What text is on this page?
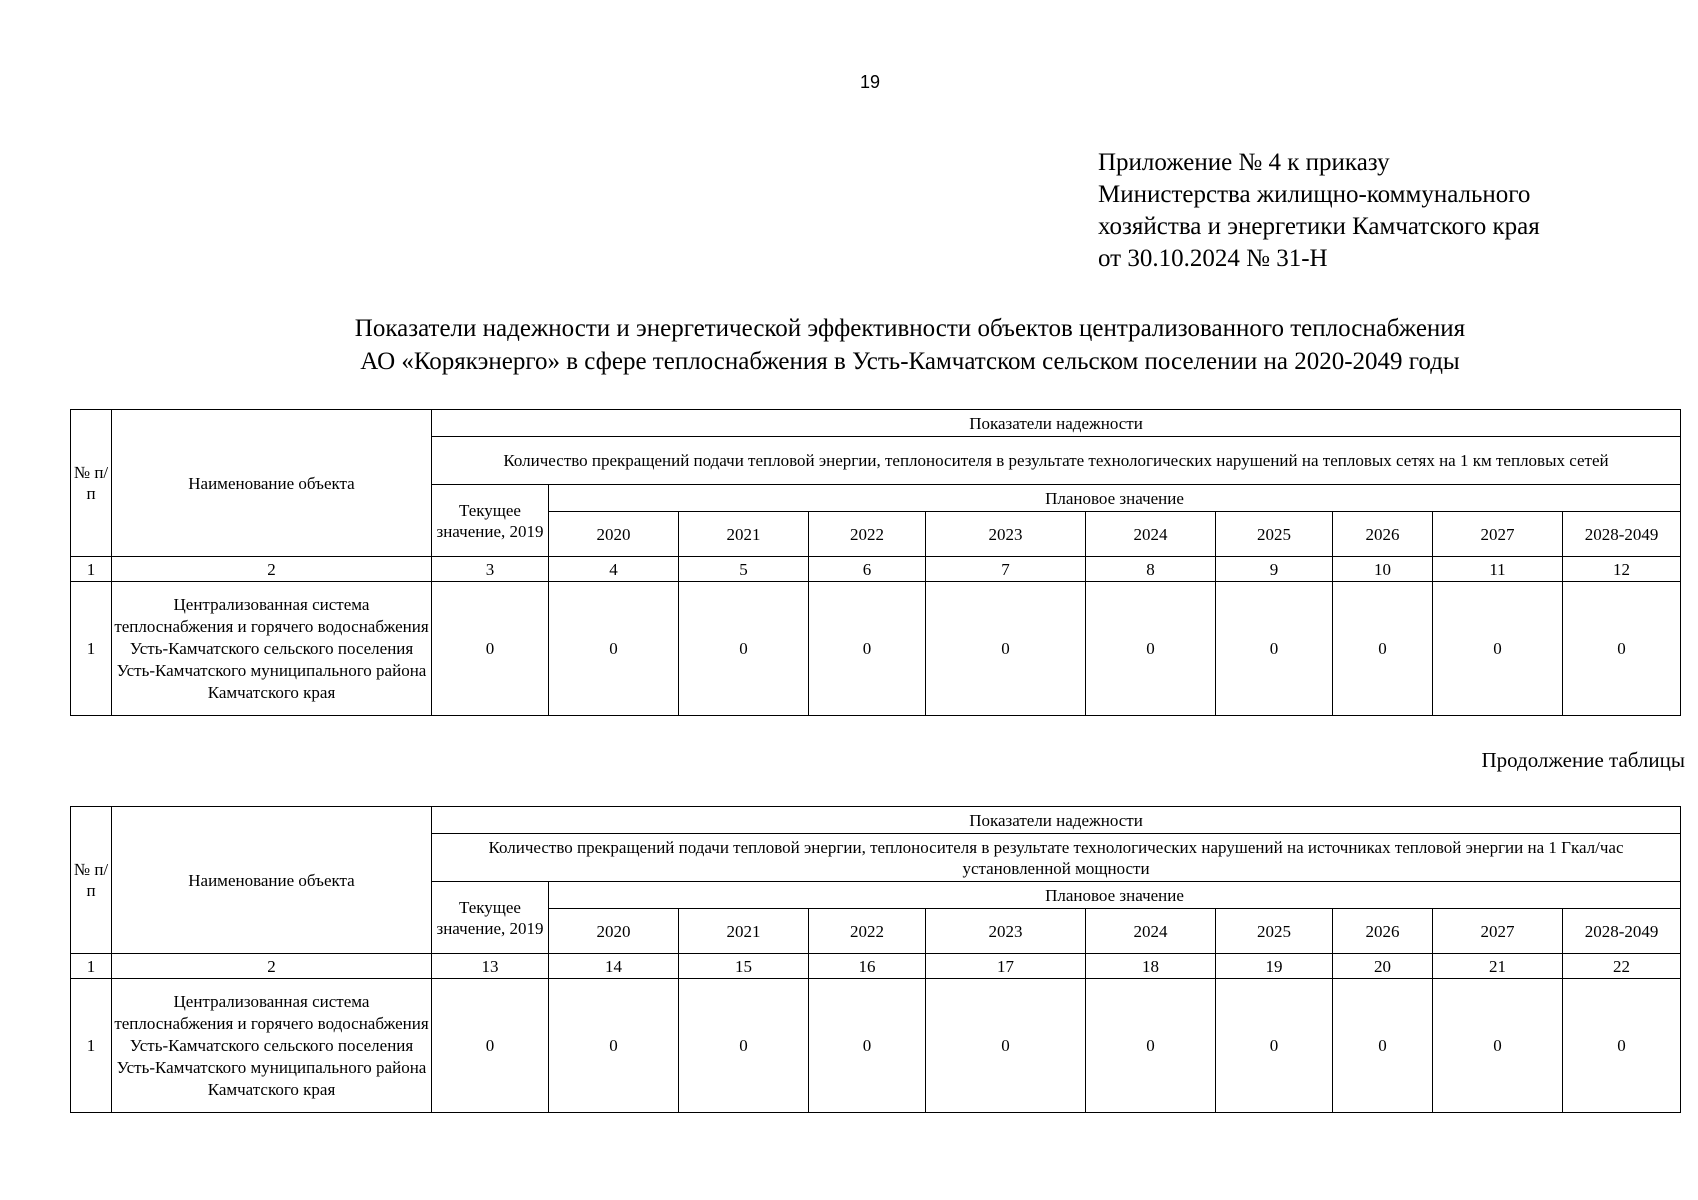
19
Приложение № 4 к приказу
Министерства жилищно-коммунального
хозяйства и энергетики Камчатского края
от 30.10.2024 № 31-Н
Показатели надежности и энергетической эффективности объектов централизованного теплоснабжения
АО «Корякэнерго» в сфере теплоснабжения в Усть-Камчатском сельском поселении на 2020-2049 годы
№ п/ п	Наименование объекта	Показатели надежности									
		Количество прекращений подачи тепловой энергии, теплоносителя в результате технологических нарушений на тепловых сетях на 1 км тепловых сетей									
		Текущее значение, 2019	Плановое значение								
			2020	2021	2022	2023	2024	2025	2026	2027	2028-2049
1	2	3	4	5	6	7	8	9	10	11	12
1	Централизованная система теплоснабжения и горячего водоснабжения Усть-Камчатского сельского поселения Усть-Камчатского муниципального района Камчатского края	0	0	0	0	0	0	0	0	0	0
Продолжение таблицы
№ п/ п	Наименование объекта	Показатели надежности									
		Количество прекращений подачи тепловой энергии, теплоносителя в результате технологических нарушений на источниках тепловой энергии на 1 Гкал/час установленной мощности									
		Текущее значение, 2019	Плановое значение								
			2020	2021	2022	2023	2024	2025	2026	2027	2028-2049
1	2	13	14	15	16	17	18	19	20	21	22
1	Централизованная система теплоснабжения и горячего водоснабжения Усть-Камчатского сельского поселения Усть-Камчатского муниципального района Камчатского края	0	0	0	0	0	0	0	0	0	0
